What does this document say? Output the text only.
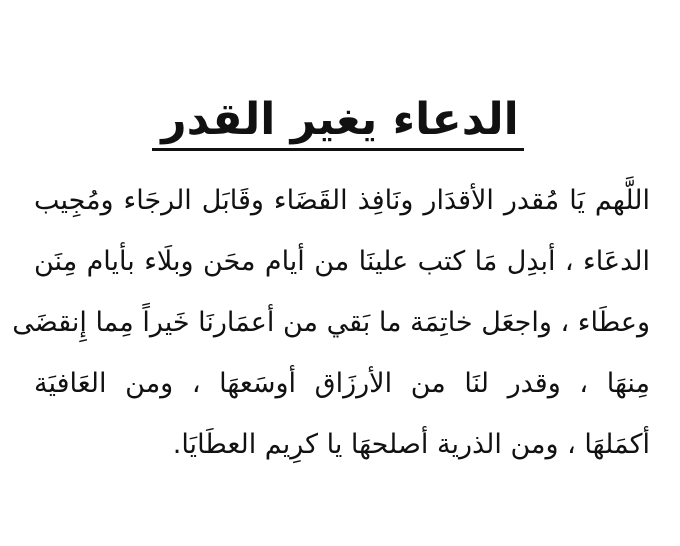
الدعاء يغير القدر
اللَّهم يَا مُقدر الأقدَار ونَافِذ القَضَاء وقَابَل الرجَاء ومُجِيب
الدعَاء ، أبدِل مَا كتب علينَا من أيام محَن وبلَاء بأيام مِنَن
وعطَاء ، واجعَل خاتِمَة ما بَقي من أعمَارنَا خَيراً مِما إِنقضَى
مِنهَا ، وقدر لنَا من الأرزَاق أوسَعهَا ، ومن العَافيَة
أكمَلهَا ، ومن الذرية أصلحهَا يا كرِيم العطَايَا.
